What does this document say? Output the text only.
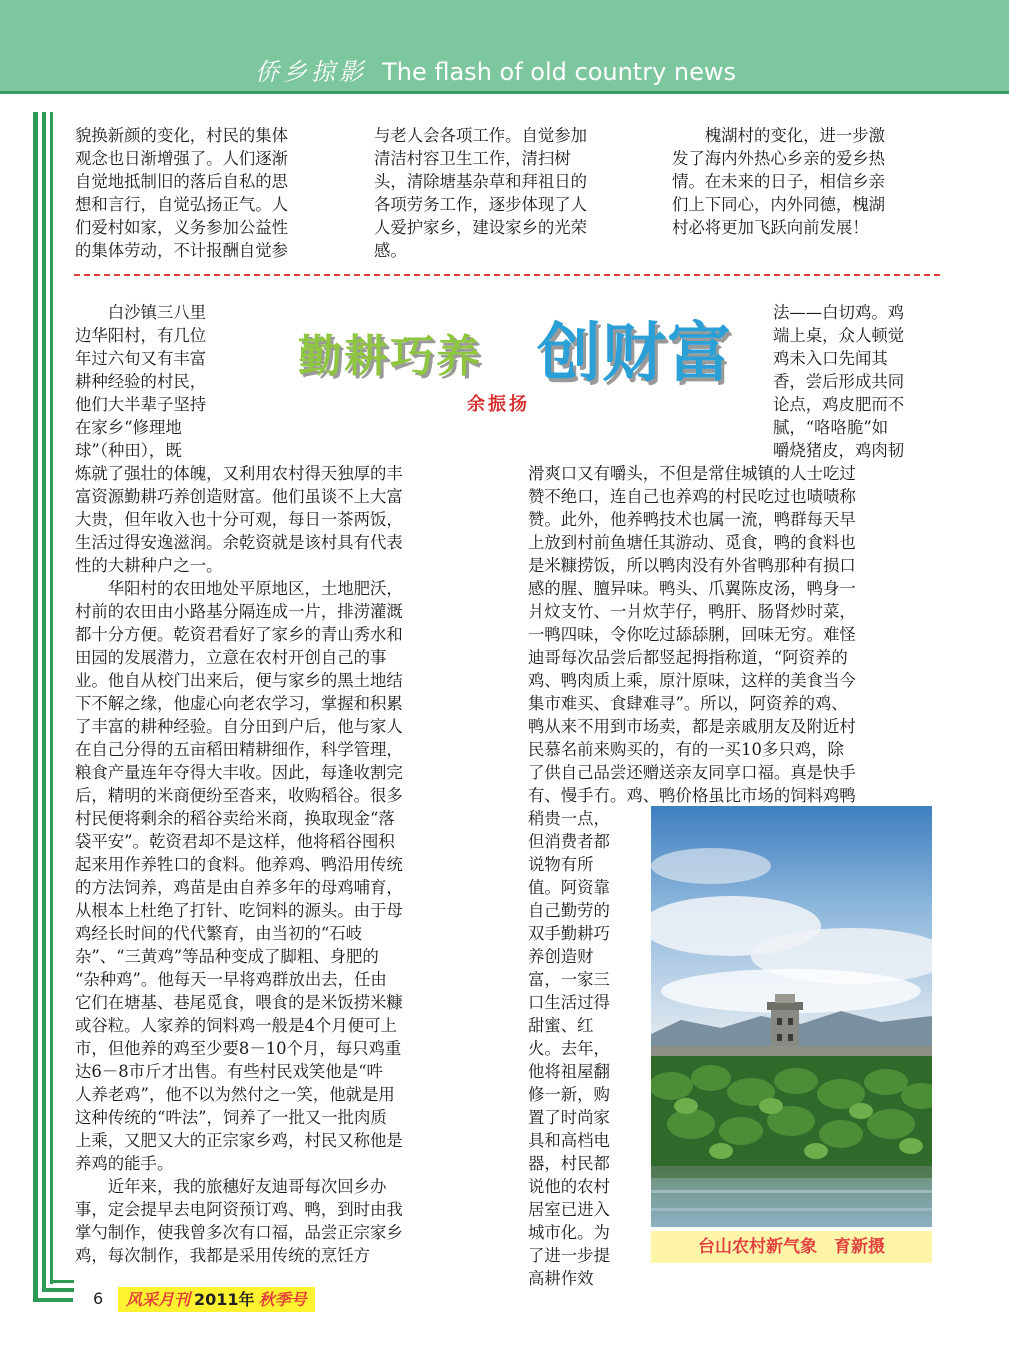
侨乡掠影 The flash of old country news

貌换新颜的变化，村民的集体

观念也日渐增强了。人们逐渐

自觉地抵制旧的落后自私的思

想和言行，自觉弘扬正气。人

们爱村如家，义务参加公益性

的集体劳动，不计报酬自觉参

与老人会各项工作。自觉参加

清洁村容卫生工作，清扫树

头，清除塘基杂草和拜祖日的

各项劳务工作，逐步体现了人

人爱护家乡，建设家乡的光荣

感。

　　槐湖村的变化，进一步激

发了海内外热心乡亲的爱乡热

情。在未来的日子，相信乡亲

们上下同心，内外同德，槐湖

村必将更加飞跃向前发展！

勤耕巧养 创财富
余振扬

　　白沙镇三八里

边华阳村，有几位

年过六旬又有丰富

耕种经验的村民，

他们大半辈子坚持

在家乡“修理地

球”（种田），既

炼就了强壮的体魄，又利用农村得天独厚的丰

富资源勤耕巧养创造财富。他们虽谈不上大富

大贵，但年收入也十分可观，每日一茶两饭，

生活过得安逸滋润。余乾资就是该村具有代表

性的大耕种户之一。

　　华阳村的农田地处平原地区，土地肥沃，

村前的农田由小路基分隔连成一片，排涝灌溉

都十分方便。乾资君看好了家乡的青山秀水和

田园的发展潜力，立意在农村开创自己的事

业。他自从校门出来后，便与家乡的黑土地结

下不解之缘，他虚心向老农学习，掌握和积累

了丰富的耕种经验。自分田到户后，他与家人

在自己分得的五亩稻田精耕细作，科学管理，

粮食产量连年夺得大丰收。因此，每逢收割完

后，精明的米商便纷至沓来，收购稻谷。很多

村民便将剩余的稻谷卖给米商，换取现金“落

袋平安”。乾资君却不是这样，他将稻谷囤积

起来用作养牲口的食料。他养鸡、鸭沿用传统

的方法饲养，鸡苗是由自养多年的母鸡哺育，

从根本上杜绝了打针、吃饲料的源头。由于母

鸡经长时间的代代繁育，由当初的“石岐

杂”、“三黄鸡”等品种变成了脚粗、身肥的

“杂种鸡”。他每天一早将鸡群放出去，任由

它们在塘基、巷尾觅食，喂食的是米饭捞米糠

或谷粒。人家养的饲料鸡一般是4个月便可上

市，但他养的鸡至少要8－10个月，每只鸡重

达6－8市斤才出售。有些村民戏笑他是“吽

人养老鸡”，他不以为然付之一笑，他就是用

这种传统的“吽法”，饲养了一批又一批肉质

上乘，又肥又大的正宗家乡鸡，村民又称他是

养鸡的能手。

　　近年来，我的旅穗好友迪哥每次回乡办

事，定会提早去电阿资预订鸡、鸭，到时由我

掌勺制作，使我曾多次有口福，品尝正宗家乡

鸡，每次制作，我都是采用传统的烹饪方

法——白切鸡。鸡

端上桌，众人顿觉

鸡未入口先闻其

香，尝后形成共同

论点，鸡皮肥而不

腻，“咯咯脆”如

嚼烧猪皮，鸡肉韧

滑爽口又有嚼头，不但是常住城镇的人士吃过

赞不绝口，连自己也养鸡的村民吃过也啧啧称

赞。此外，他养鸭技术也属一流，鸭群每天早

上放到村前鱼塘任其游动、觅食，鸭的食料也

是米糠捞饭，所以鸭肉没有外省鸭那种有损口

感的腥、膻异味。鸭头、爪翼陈皮汤，鸭身一

爿炆支竹、一爿炊芋仔，鸭肝、肠肾炒时菜，

一鸭四味，令你吃过舔舔脷，回味无穷。难怪

迪哥每次品尝后都竖起拇指称道，“阿资养的

鸡、鸭肉质上乘，原汁原味，这样的美食当今

集市难买、食肆难寻”。所以，阿资养的鸡、

鸭从来不用到市场卖，都是亲戚朋友及附近村

民慕名前来购买的，有的一买10多只鸡，除

了供自己品尝还赠送亲友同享口福。真是快手

有、慢手冇。鸡、鸭价格虽比市场的饲料鸡鸭

稍贵一点，

但消费者都

说物有所

值。阿资靠

自己勤劳的

双手勤耕巧

养创造财

富，一家三

口生活过得

甜蜜、红

火。去年，

他将祖屋翻

修一新，购

置了时尚家

具和高档电

器，村民都

说他的农村

居室已进入

城市化。为

了进一步提

高耕作效

台山农村新气象　育新摄
6	风采月刊 2011年 秋季号
